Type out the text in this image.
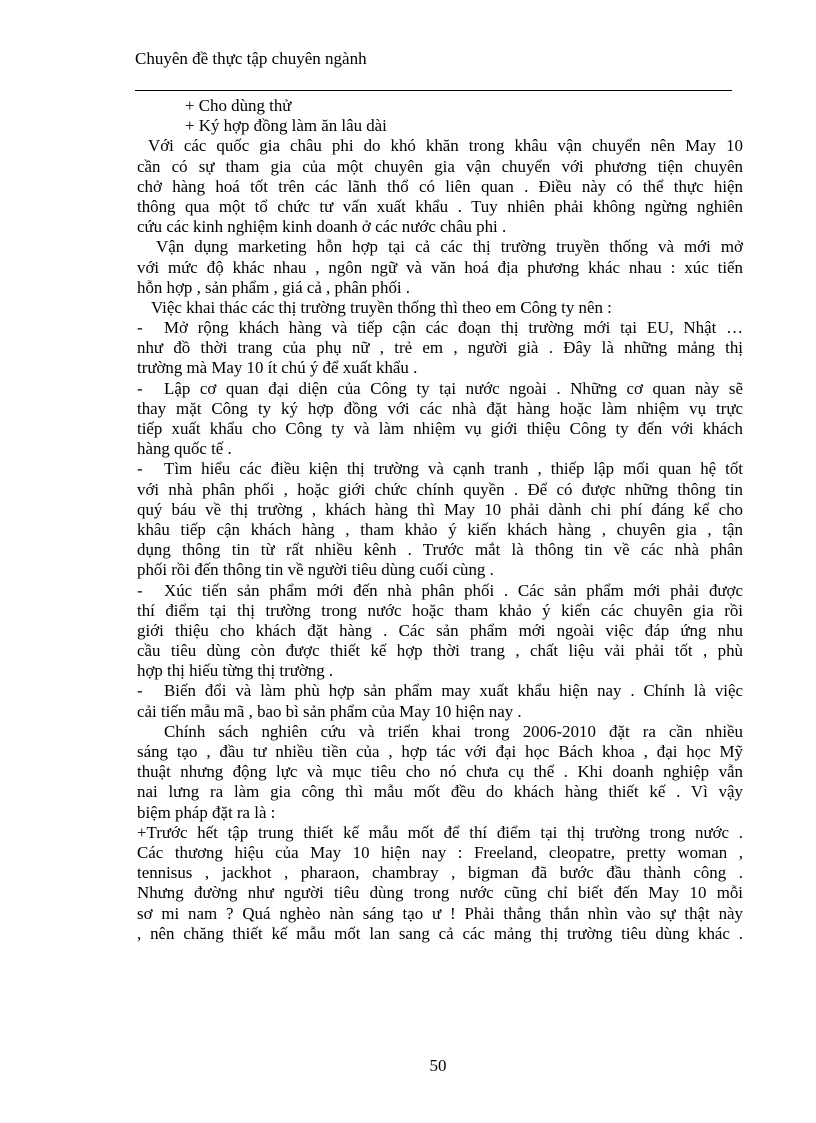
Chuyên đề thực tập chuyên ngành
+ Cho dùng thử
+ Ký hợp đồng làm ăn lâu dài
Với các quốc gia châu phi do khó khăn trong khâu vận chuyển nên May 10
cần có sự tham gia của một chuyên gia vận chuyển với phương tiện chuyên
chở hàng hoá tốt trên các lãnh thổ có liên quan . Điều này có thể thực hiện
thông qua một tổ chức tư vấn xuất khẩu . Tuy nhiên phải không ngừng nghiên
cứu các kinh nghiệm kinh doanh ở các nước châu phi .
Vận dụng marketing hỗn hợp tại cả các thị trường truyền thống và mới mở
với mức độ khác nhau , ngôn ngữ và văn hoá địa phương khác nhau : xúc tiến
hỗn hợp , sản phẩm , giá cả , phân phối .
Việc khai thác các thị trường truyền thống thì theo em Công ty nên :
- Mở rộng khách hàng và tiếp cận các đoạn thị trường mới tại EU, Nhật …
như đồ thời trang của phụ nữ , trẻ em , người già . Đây là những mảng thị
trường mà May 10 ít chú ý để xuất khẩu .
- Lập cơ quan đại diện của Công ty tại nước ngoài . Những cơ quan này sẽ
thay mặt Công ty ký hợp đồng với các nhà đặt hàng hoặc làm nhiệm vụ trực
tiếp xuất khẩu cho Công ty và làm nhiệm vụ giới thiệu Công ty đến với khách
hàng quốc tế .
- Tìm hiểu các điều kiện thị trường và cạnh tranh , thiếp lập mối quan hệ tốt
với nhà phân phối , hoặc giới chức chính quyền . Để có được những thông tin
quý báu về thị trường , khách hàng thì May 10 phải dành chi phí đáng kể cho
khâu tiếp cận khách hàng , tham khảo ý kiến khách hàng , chuyên gia , tận
dụng thông tin từ rất nhiều kênh . Trước mắt là thông tin về các nhà phân
phối rồi đến thông tin về người tiêu dùng cuối cùng .
- Xúc tiến sản phẩm mới đến nhà phân phối . Các sản phẩm mới phải được
thí điểm tại thị trường trong nước hoặc tham khảo ý kiến các chuyên gia rồi
giới thiệu cho khách đặt hàng . Các sản phẩm mới ngoài việc đáp ứng nhu
cầu tiêu dùng còn được thiết kế hợp thời trang , chất liệu vải phải tốt , phù
hợp thị hiếu từng thị trường .
- Biến đổi và làm phù hợp sản phẩm may xuất khẩu hiện nay . Chính là việc
cải tiến mẫu mã , bao bì sản phẩm của May 10 hiện nay .
Chính sách nghiên cứu và triển khai trong 2006-2010 đặt ra cần nhiều
sáng tạo , đầu tư nhiều tiền của , hợp tác với đại học Bách khoa , đại học Mỹ
thuật nhưng động lực và mục tiêu cho nó chưa cụ thể . Khi doanh nghiệp vẫn
nai lưng ra làm gia công thì mẫu mốt đều do khách hàng thiết kế . Vì vậy
biệm pháp đặt ra là :
+Trước hết tập trung thiết kế mẫu mốt để thí điểm tại thị trường trong nước .
Các thương hiệu của May 10 hiện nay : Freeland, cleopatre, pretty woman ,
tennisus , jackhot , pharaon, chambray , bigman đã bước đầu thành công .
Nhưng đường như người tiêu dùng trong nước cũng chỉ biết đến May 10 mỗi
sơ mi nam ? Quá nghèo nàn sáng tạo ư ! Phải thẳng thắn nhìn vào sự thật này
, nên chăng thiết kế mẫu mốt lan sang cả các mảng thị trường tiêu dùng khác .
50
